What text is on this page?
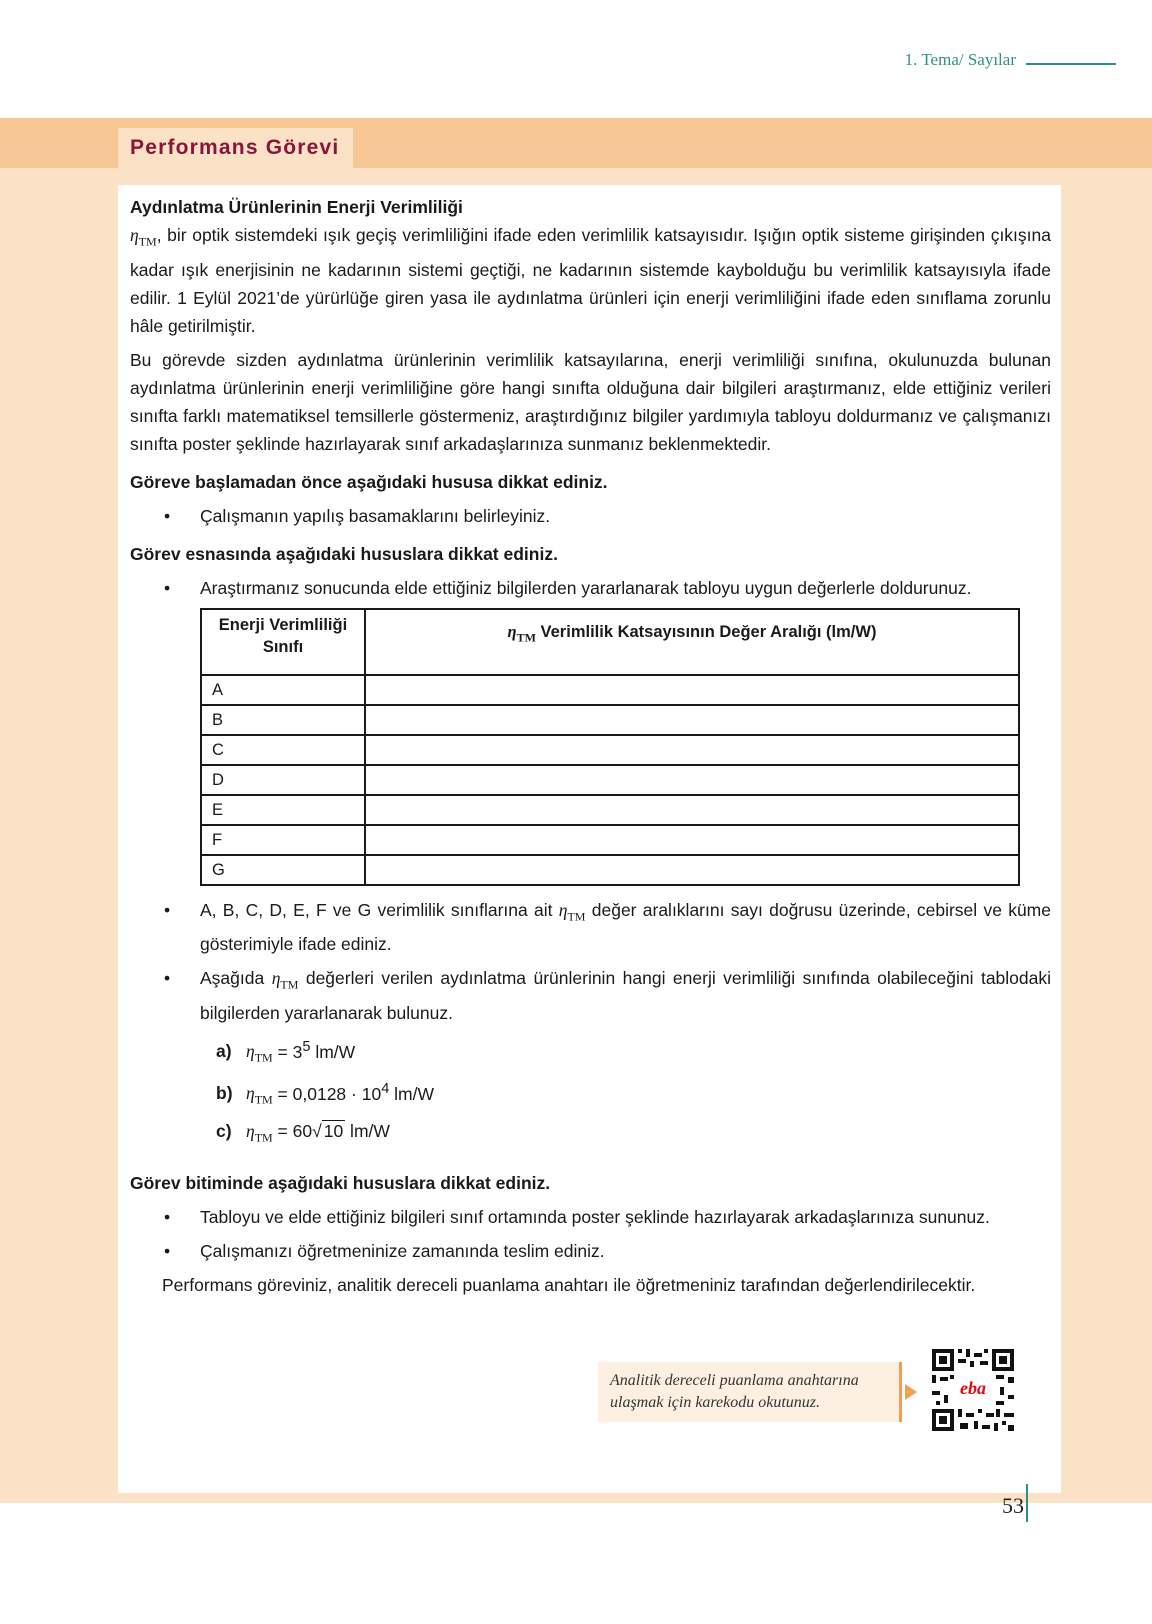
1. Tema/ Sayılar
Performans Görevi

Aydınlatma Ürünlerinin Enerji Verimliliği

$\eta_{TM}$, bir optik sistemdeki ışık geçiş verimliliğini ifade eden verimlilik katsayısıdır. Işığın optik sisteme girişinden çıkışına kadar ışık enerjisinin ne kadarının sistemi geçtiği, ne kadarının sistemde kaybolduğu bu verimlilik katsayısıyla ifade edilir. 1 Eylül 2021’de yürürlüğe giren yasa ile aydınlatma ürünleri için enerji verimliliğini ifade eden sınıflama zorunlu hâle getirilmiştir.

Bu görevde sizden aydınlatma ürünlerinin verimlilik katsayılarına, enerji verimliliği sınıfına, okulunuzda bulunan aydınlatma ürünlerinin enerji verimliliğine göre hangi sınıfta olduğuna dair bilgileri araştırmanız, elde ettiğiniz verileri sınıfta farklı matematiksel temsillerle göstermeniz, araştırdığınız bilgiler yardımıyla tabloyu doldurmanız ve çalışmanızı sınıfta poster şeklinde hazırlayarak sınıf arkadaşlarınıza sunmanız beklenmektedir.

Göreve başlamadan önce aşağıdaki hususa dikkat ediniz.

• Çalışmanın yapılış basamaklarını belirleyiniz.

Görev esnasında aşağıdaki hususlara dikkat ediniz.

• Araştırmanız sonucunda elde ettiğiniz bilgilerden yararlanarak tabloyu uygun değerlerle doldurunuz.
Enerji Verimliliği Sınıfı	$\eta_{TM}$ Verimlilik Katsayısının Değer Aralığı (lm/W)
A	
B	
C	
D	
E	
F	
G	
• A, B, C, D, E, F ve G verimlilik sınıflarına ait $\eta_{TM}$ değer aralıklarını sayı doğrusu üzerinde, cebirsel ve küme gösterimiyle ifade ediniz.
• Aşağıda $\eta_{TM}$ değerleri verilen aydınlatma ürünlerinin hangi enerji verimliliği sınıfında olabileceğini tablodaki bilgilerden yararlanarak bulunuz.
a) $\eta_{TM} = 3^5$ lm/W
b) $\eta_{TM} = 0,0128 \cdot 10^4$ lm/W
c) $\eta_{TM} = 60√$ 10 lm/W

Görev bitiminde aşağıdaki hususlara dikkat ediniz.

• Tabloyu ve elde ettiğiniz bilgileri sınıf ortamında poster şeklinde hazırlayarak arkadaşlarınıza sununuz.
• Çalışmanızı öğretmeninize zamanında teslim ediniz.

Performans göreviniz, analitik dereceli puanlama anahtarı ile öğretmeniniz tarafından değerlendirilecektir.

Analitik dereceli puanlama anahtarına
ulaşmak için karekodu okutunuz.
eba
53
